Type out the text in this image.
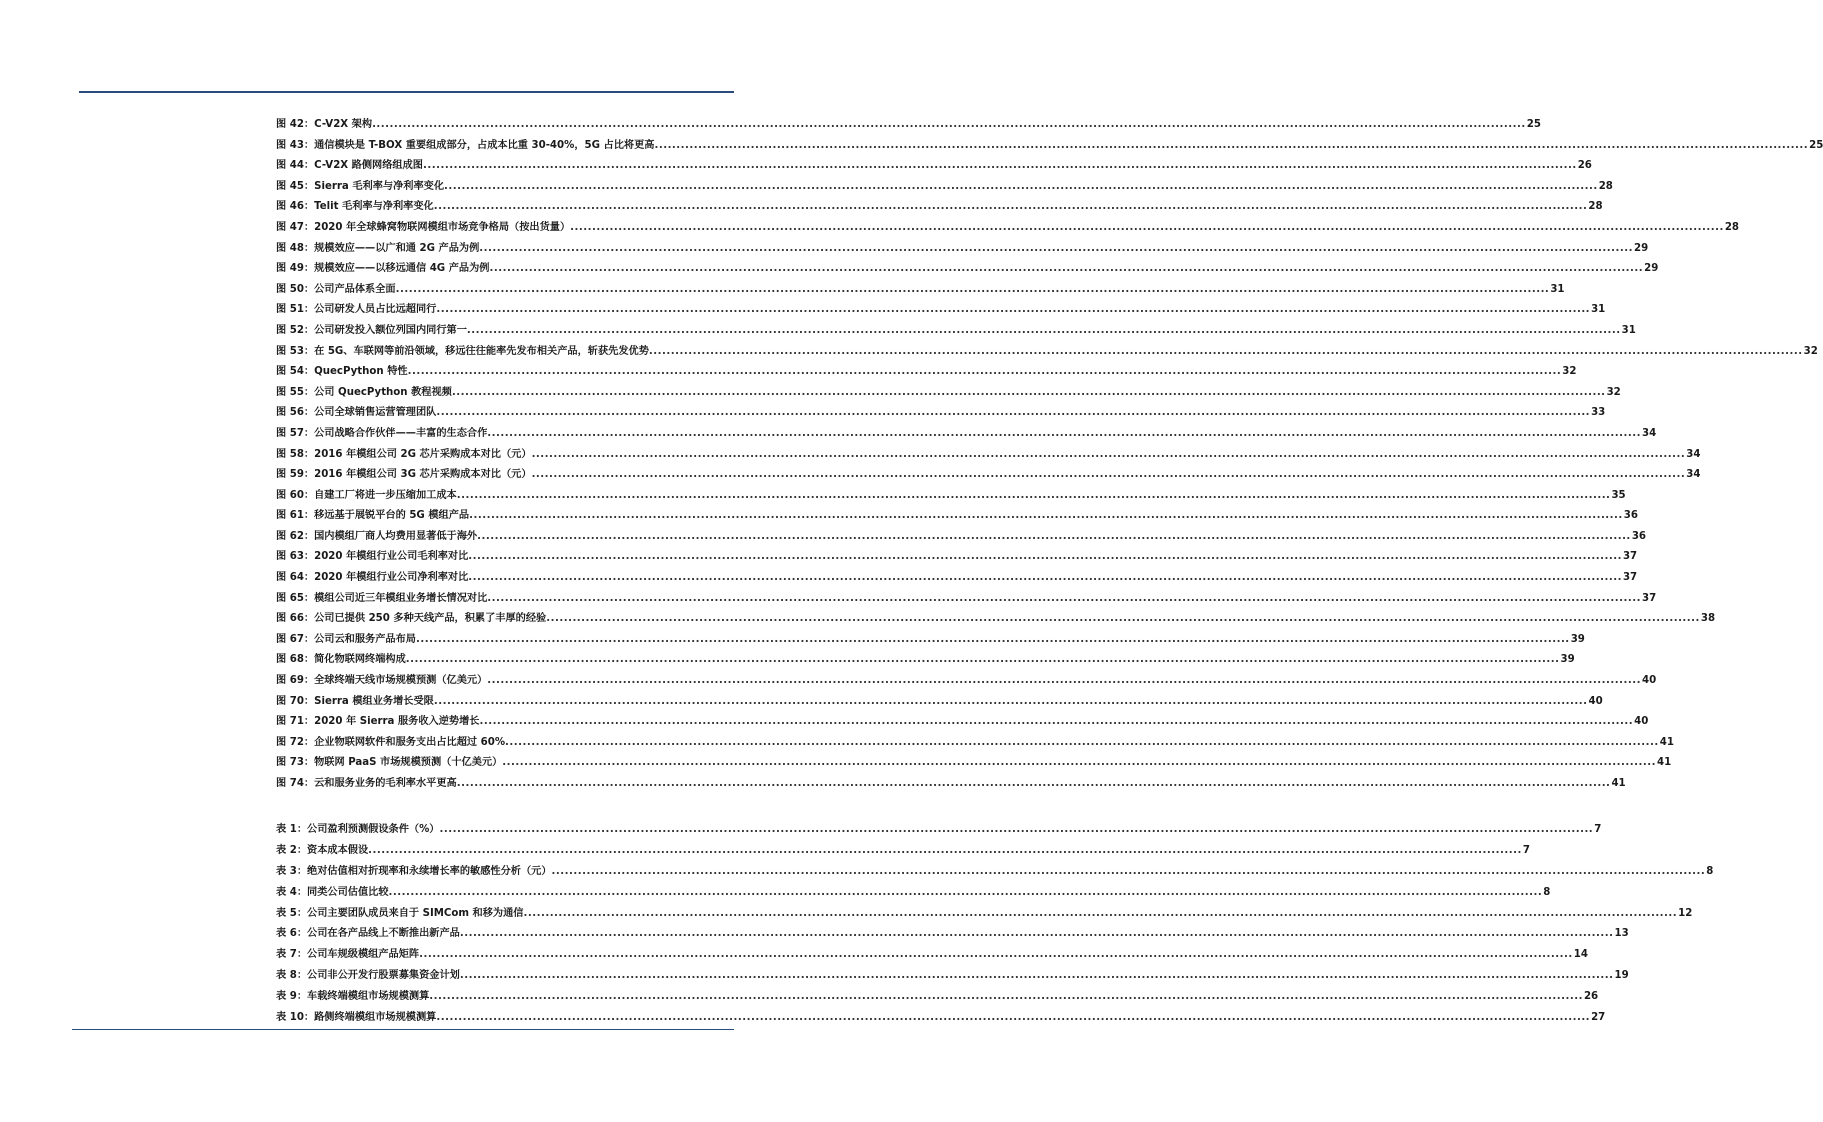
图 42： C-V2X 架构 .....	25
图 43： 通信模块是 T-BOX 重要组成部分，占成本比重 30-40%，5G 占比将更高 .....	25
图 44： C-V2X 路侧网络组成图 .....	26
图 45： Sierra 毛利率与净利率变化 .....	28
图 46： Telit 毛利率与净利率变化 .....	28
图 47： 2020 年全球蜂窝物联网模组市场竞争格局（按出货量） .....	28
图 48： 规模效应——以广和通 2G 产品为例 .....	29
图 49： 规模效应——以移远通信 4G 产品为例 .....	29
图 50： 公司产品体系全面 .....	31
图 51： 公司研发人员占比远超同行 .....	31
图 52： 公司研发投入额位列国内同行第一 .....	31
图 53： 在 5G、车联网等前沿领域，移远往往能率先发布相关产品，斩获先发优势 .....	32
图 54： QuecPython 特性 .....	32
图 55： 公司 QuecPython 教程视频 .....	32
图 56： 公司全球销售运营管理团队 .....	33
图 57： 公司战略合作伙伴——丰富的生态合作 .....	34
图 58： 2016 年模组公司 2G 芯片采购成本对比（元） .....	34
图 59： 2016 年模组公司 3G 芯片采购成本对比（元） .....	34
图 60： 自建工厂将进一步压缩加工成本 .....	35
图 61： 移远基于展锐平台的 5G 模组产品 .....	36
图 62： 国内模组厂商人均费用显著低于海外 .....	36
图 63： 2020 年模组行业公司毛利率对比 .....	37
图 64： 2020 年模组行业公司净利率对比 .....	37
图 65： 模组公司近三年模组业务增长情况对比 .....	37
图 66： 公司已提供 250 多种天线产品，积累了丰厚的经验 .....	38
图 67： 公司云和服务产品布局 .....	39
图 68： 简化物联网终端构成 .....	39
图 69： 全球终端天线市场规模预测（亿美元） .....	40
图 70： Sierra 模组业务增长受限 .....	40
图 71： 2020 年 Sierra 服务收入逆势增长 .....	40
图 72： 企业物联网软件和服务支出占比超过 60% .....	41
图 73： 物联网 PaaS 市场规模预测（十亿美元） .....	41
图 74： 云和服务业务的毛利率水平更高 .....	41
表 1： 公司盈利预测假设条件（%） .....	7
表 2： 资本成本假设 .....	7
表 3： 绝对估值相对折现率和永续增长率的敏感性分析（元） .....	8
表 4： 同类公司估值比较 .....	8
表 5： 公司主要团队成员来自于 SIMCom 和移为通信 .....	12
表 6： 公司在各产品线上不断推出新产品 .....	13
表 7： 公司车规级模组产品矩阵 .....	14
表 8： 公司非公开发行股票募集资金计划 .....	19
表 9： 车载终端模组市场规模测算 .....	26
表 10： 路侧终端模组市场规模测算 .....	27
